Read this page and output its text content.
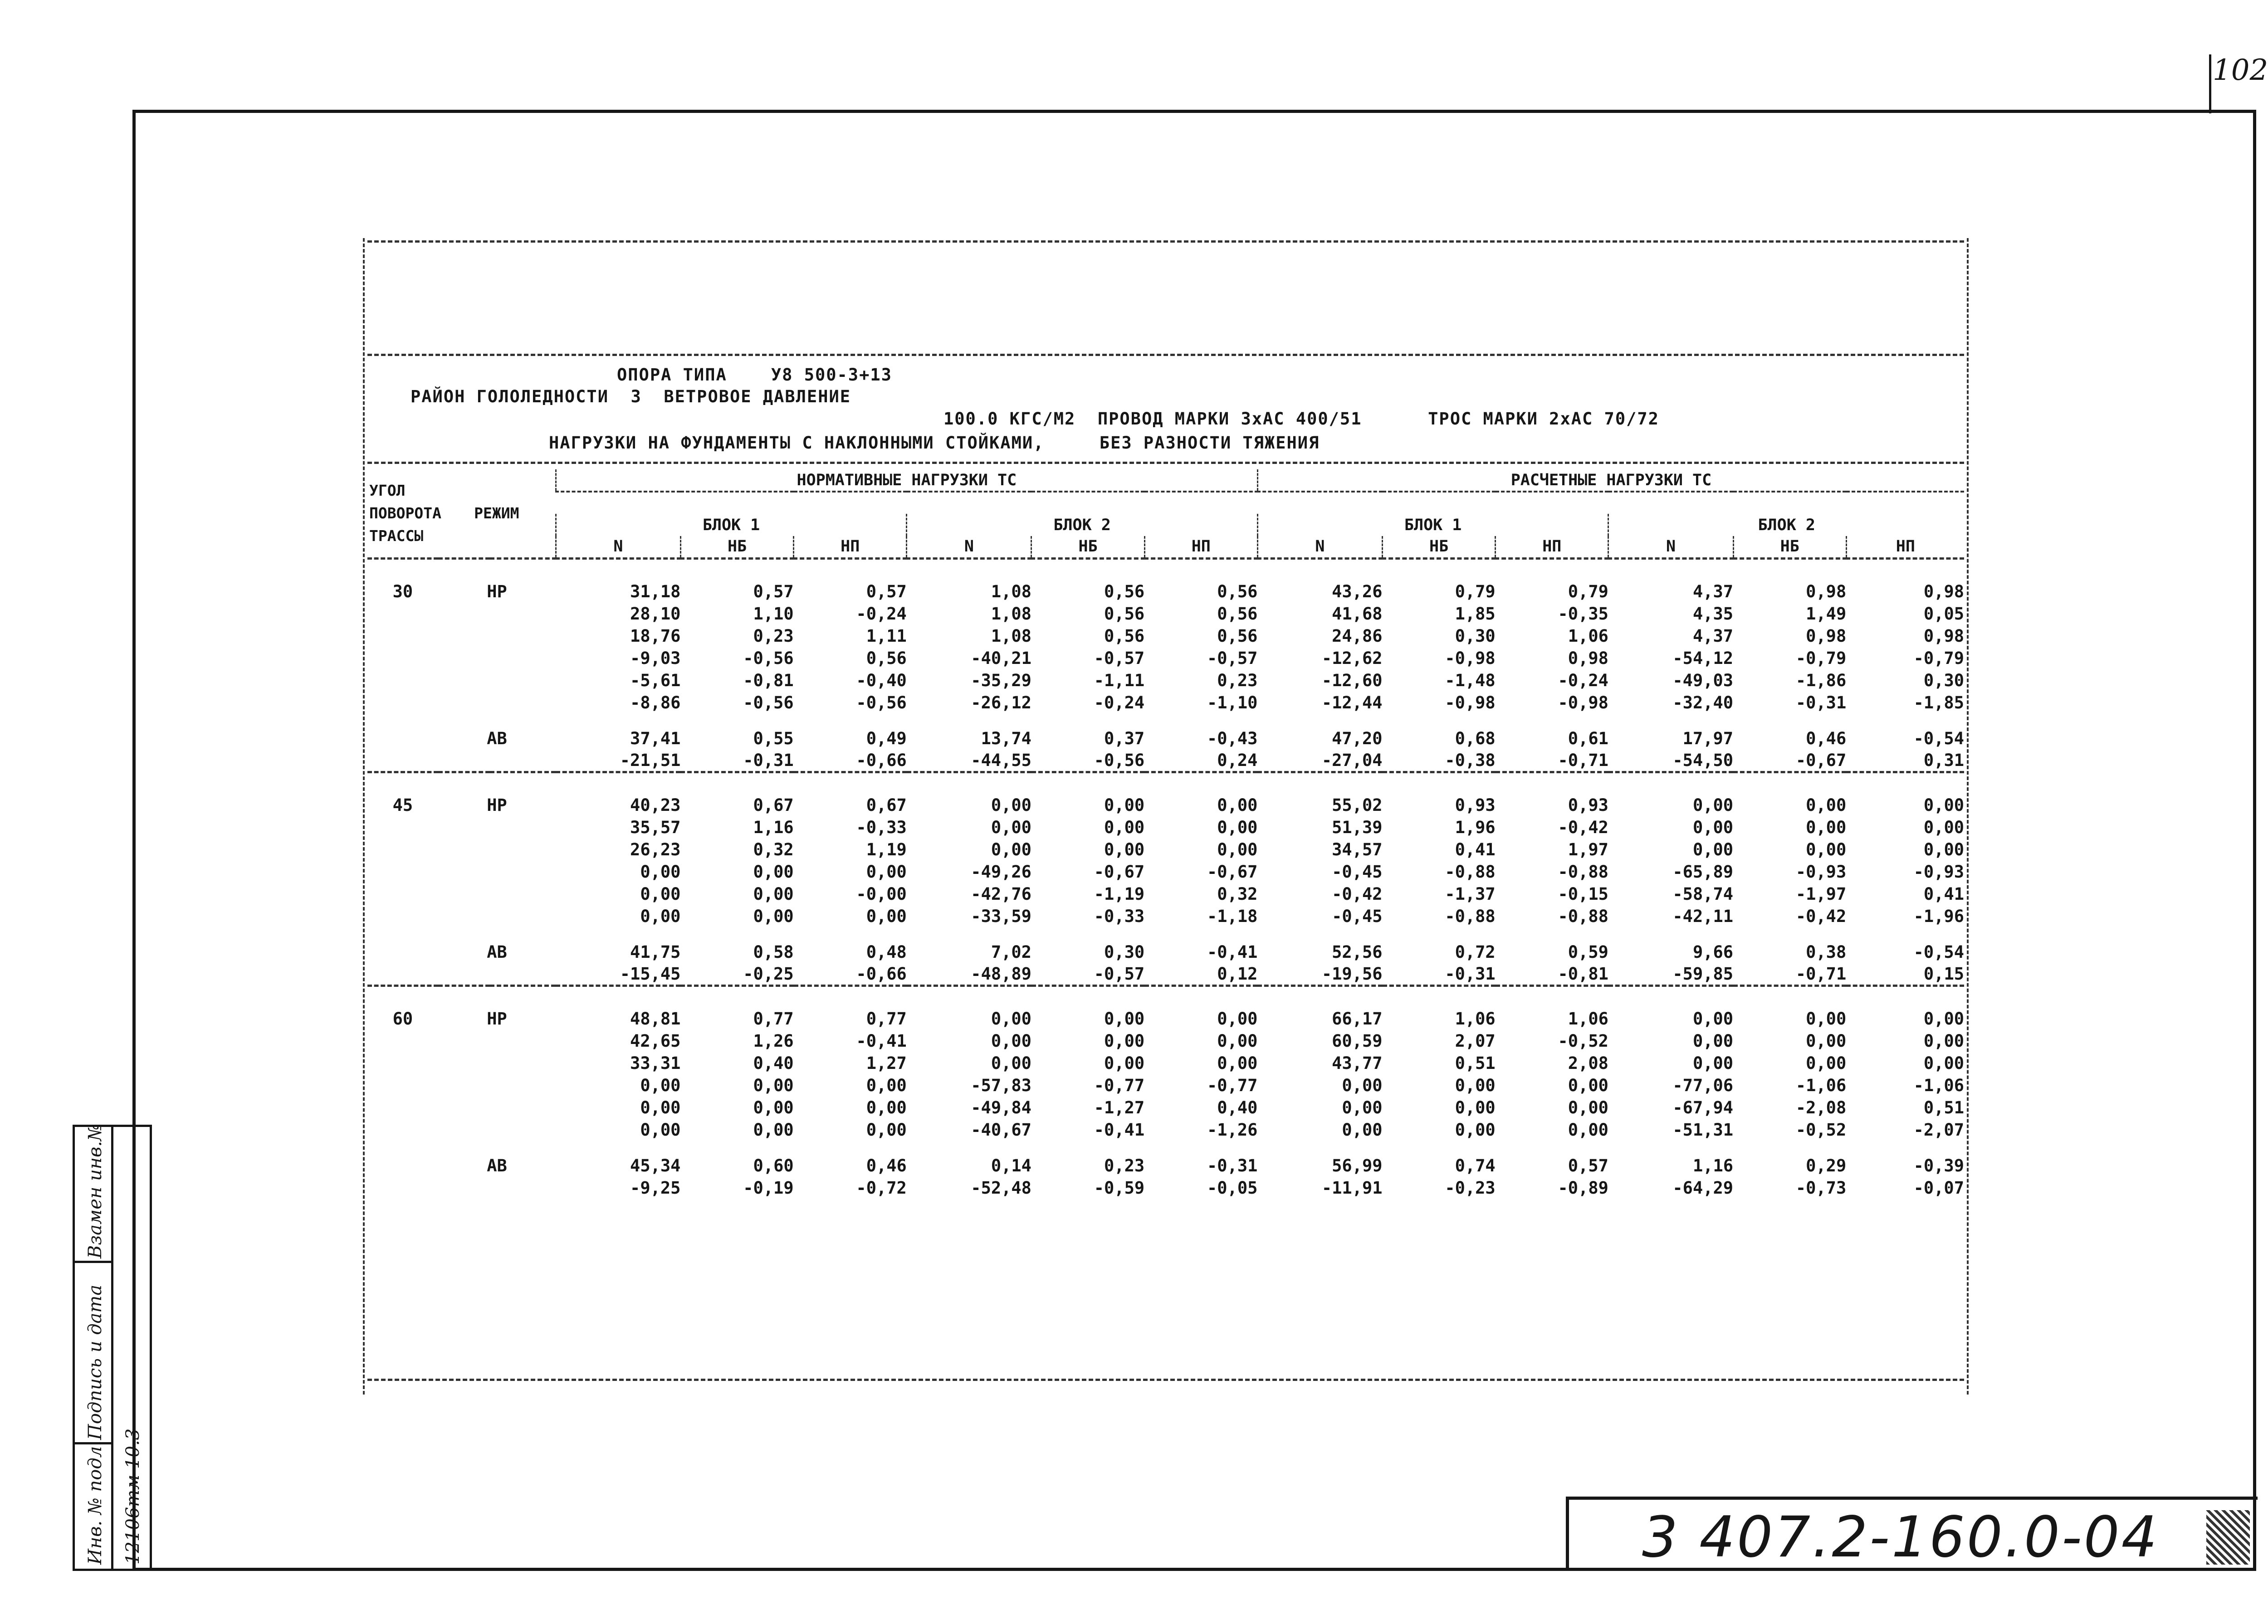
102
ОПОРА ТИПА    У8 500-3+13
РАЙОН ГОЛОЛЕДНОСТИ  3  ВЕТРОВОЕ ДАВЛЕНИЕ
100.0 КГС/М2  ПРОВОД МАРКИ 3хАС 400/51      ТРОС МАРКИ 2хАС 70/72
НАГРУЗКИ НА ФУНДАМЕНТЫ С НАКЛОННЫМИ СТОЙКАМИ,     БЕЗ РАЗНОСТИ ТЯЖЕНИЯ
УГОЛ ПОВОРОТА ТРАССЫ	РЕЖИМ	НОРМАТИВНЫЕ НАГРУЗКИ ТС						РАСЧЕТНЫЕ НАГРУЗКИ ТС					

		БЛОК 1			БЛОК 2			БЛОК 1			БЛОК 2		
		N	НБ	НП	N	НБ	НП	N	НБ	НП	N	НБ	НП

30	НР	31,18	0,57	0,57	1,08	0,56	0,56	43,26	0,79	0,79	4,37	0,98	0,98
		28,10	1,10	-0,24	1,08	0,56	0,56	41,68	1,85	-0,35	4,35	1,49	0,05
		18,76	0,23	1,11	1,08	0,56	0,56	24,86	0,30	1,06	4,37	0,98	0,98
		-9,03	-0,56	0,56	-40,21	-0,57	-0,57	-12,62	-0,98	0,98	-54,12	-0,79	-0,79
		-5,61	-0,81	-0,40	-35,29	-1,11	0,23	-12,60	-1,48	-0,24	-49,03	-1,86	0,30
		-8,86	-0,56	-0,56	-26,12	-0,24	-1,10	-12,44	-0,98	-0,98	-32,40	-0,31	-1,85

	АВ	37,41	0,55	0,49	13,74	0,37	-0,43	47,20	0,68	0,61	17,97	0,46	-0,54
		-21,51	-0,31	-0,66	-44,55	-0,56	0,24	-27,04	-0,38	-0,71	-54,50	-0,67	0,31

45	НР	40,23	0,67	0,67	0,00	0,00	0,00	55,02	0,93	0,93	0,00	0,00	0,00
		35,57	1,16	-0,33	0,00	0,00	0,00	51,39	1,96	-0,42	0,00	0,00	0,00
		26,23	0,32	1,19	0,00	0,00	0,00	34,57	0,41	1,97	0,00	0,00	0,00
		0,00	0,00	0,00	-49,26	-0,67	-0,67	-0,45	-0,88	-0,88	-65,89	-0,93	-0,93
		0,00	0,00	-0,00	-42,76	-1,19	0,32	-0,42	-1,37	-0,15	-58,74	-1,97	0,41
		0,00	0,00	0,00	-33,59	-0,33	-1,18	-0,45	-0,88	-0,88	-42,11	-0,42	-1,96

	АВ	41,75	0,58	0,48	7,02	0,30	-0,41	52,56	0,72	0,59	9,66	0,38	-0,54
		-15,45	-0,25	-0,66	-48,89	-0,57	0,12	-19,56	-0,31	-0,81	-59,85	-0,71	0,15

60	НР	48,81	0,77	0,77	0,00	0,00	0,00	66,17	1,06	1,06	0,00	0,00	0,00
		42,65	1,26	-0,41	0,00	0,00	0,00	60,59	2,07	-0,52	0,00	0,00	0,00
		33,31	0,40	1,27	0,00	0,00	0,00	43,77	0,51	2,08	0,00	0,00	0,00
		0,00	0,00	0,00	-57,83	-0,77	-0,77	0,00	0,00	0,00	-77,06	-1,06	-1,06
		0,00	0,00	0,00	-49,84	-1,27	0,40	0,00	0,00	0,00	-67,94	-2,08	0,51
		0,00	0,00	0,00	-40,67	-0,41	-1,26	0,00	0,00	0,00	-51,31	-0,52	-2,07

	АВ	45,34	0,60	0,46	0,14	0,23	-0,31	56,99	0,74	0,57	1,16	0,29	-0,39
		-9,25	-0,19	-0,72	-52,48	-0,59	-0,05	-11,91	-0,23	-0,89	-64,29	-0,73	-0,07
3 407.2-160.0-04
Взамен инв.№
Подпись и дата
Инв. № подл. 12106тм 10.3
